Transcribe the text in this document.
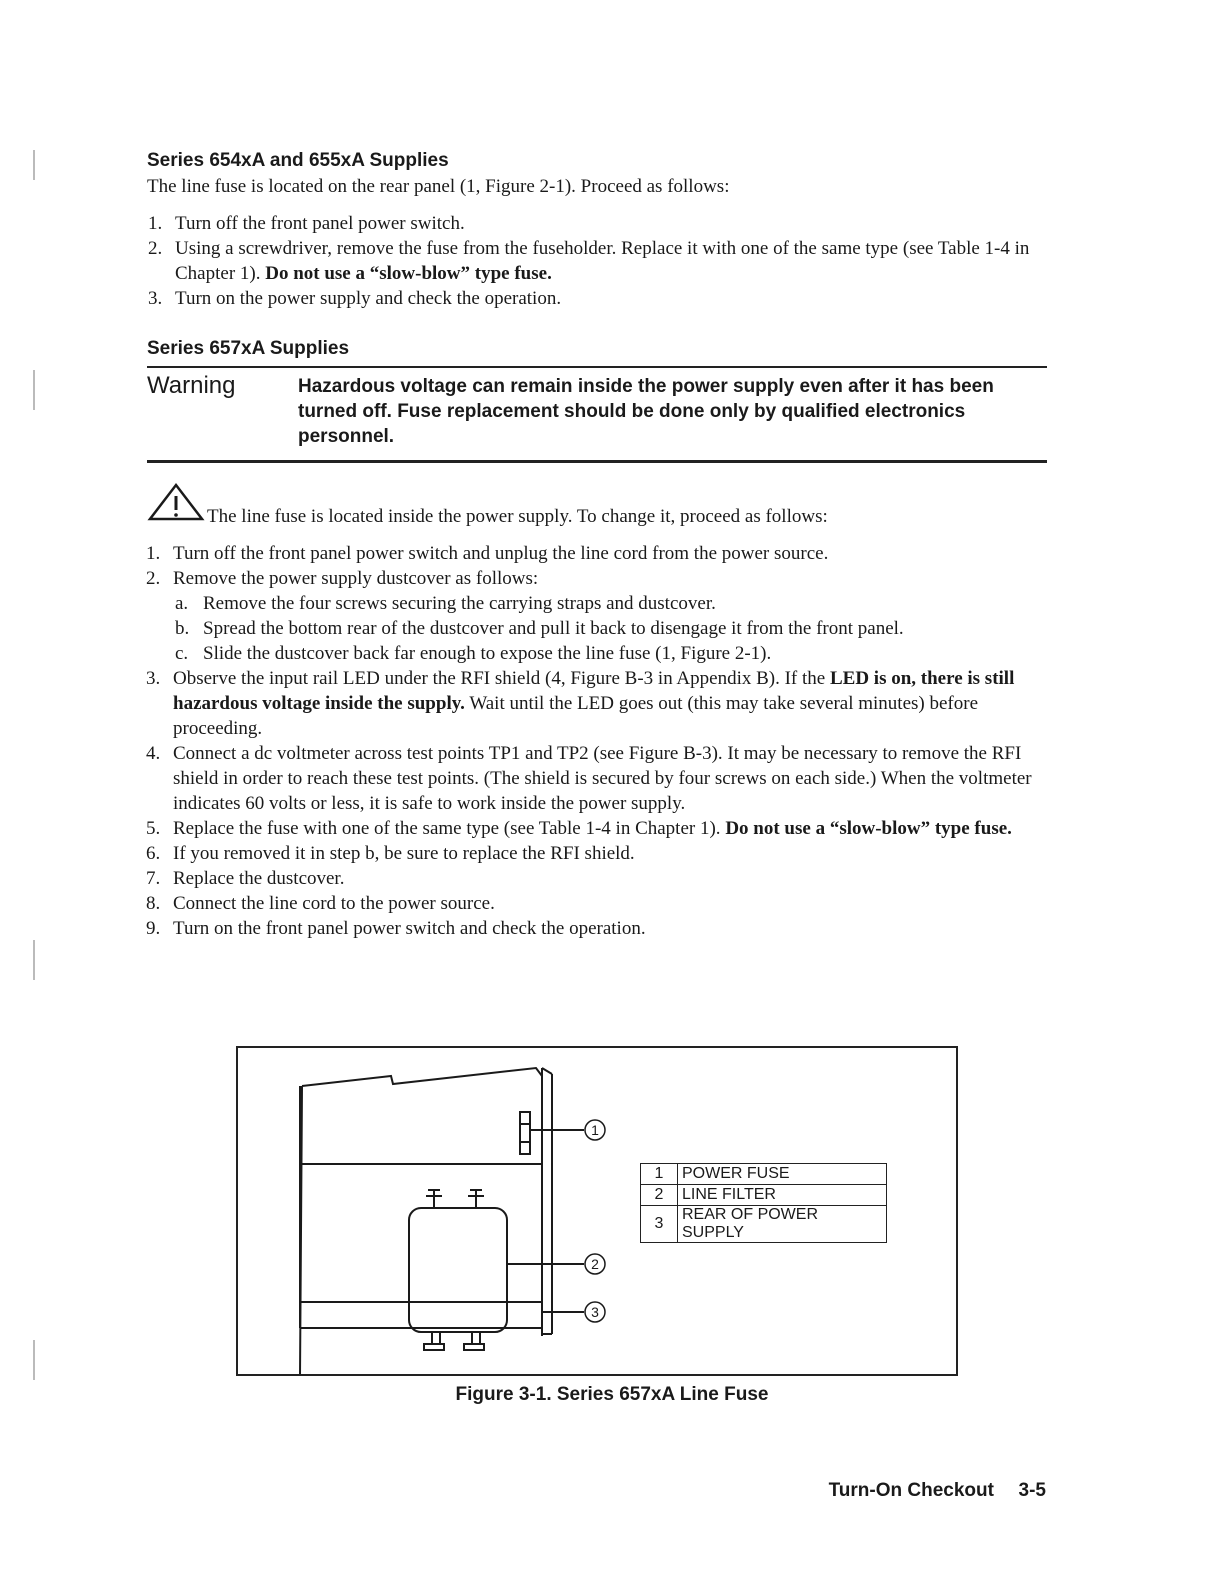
Series 654xA and 655xA Supplies
The line fuse is located on the rear panel (1, Figure 2-1). Proceed as follows:
1. Turn off the front panel power switch.
2. Using a screwdriver, remove the fuse from the fuseholder. Replace it with one of the same type (see Table 1-4 in Chapter 1). Do not use a “slow-blow” type fuse.
3. Turn on the power supply and check the operation.
Series 657xA Supplies
Warning	Hazardous voltage can remain inside the power supply even after it has been turned off. Fuse replacement should be done only by qualified electronics personnel.
The line fuse is located inside the power supply. To change it, proceed as follows:
1. Turn off the front panel power switch and unplug the line cord from the power source.
2. Remove the power supply dustcover as follows:
a. Remove the four screws securing the carrying straps and dustcover.
b. Spread the bottom rear of the dustcover and pull it back to disengage it from the front panel.
c. Slide the dustcover back far enough to expose the line fuse (1, Figure 2-1).
3. Observe the input rail LED under the RFI shield (4, Figure B-3 in Appendix B). If the LED is on, there is still hazardous voltage inside the supply. Wait until the LED goes out (this may take several minutes) before proceeding.
4. Connect a dc voltmeter across test points TP1 and TP2 (see Figure B-3). It may be necessary to remove the RFI shield in order to reach these test points. (The shield is secured by four screws on each side.) When the voltmeter indicates 60 volts or less, it is safe to work inside the power supply.
5. Replace the fuse with one of the same type (see Table 1-4 in Chapter 1). Do not use a “slow-blow” type fuse.
6. If you removed it in step b, be sure to replace the RFI shield.
7. Replace the dustcover.
8. Connect the line cord to the power source.
9. Turn on the front panel power switch and check the operation.
1
2
3
1	POWER FUSE
2	LINE FILTER
3	REAR OF POWER SUPPLY
Figure 3-1. Series 657xA Line Fuse
Turn-On Checkout 3-5
